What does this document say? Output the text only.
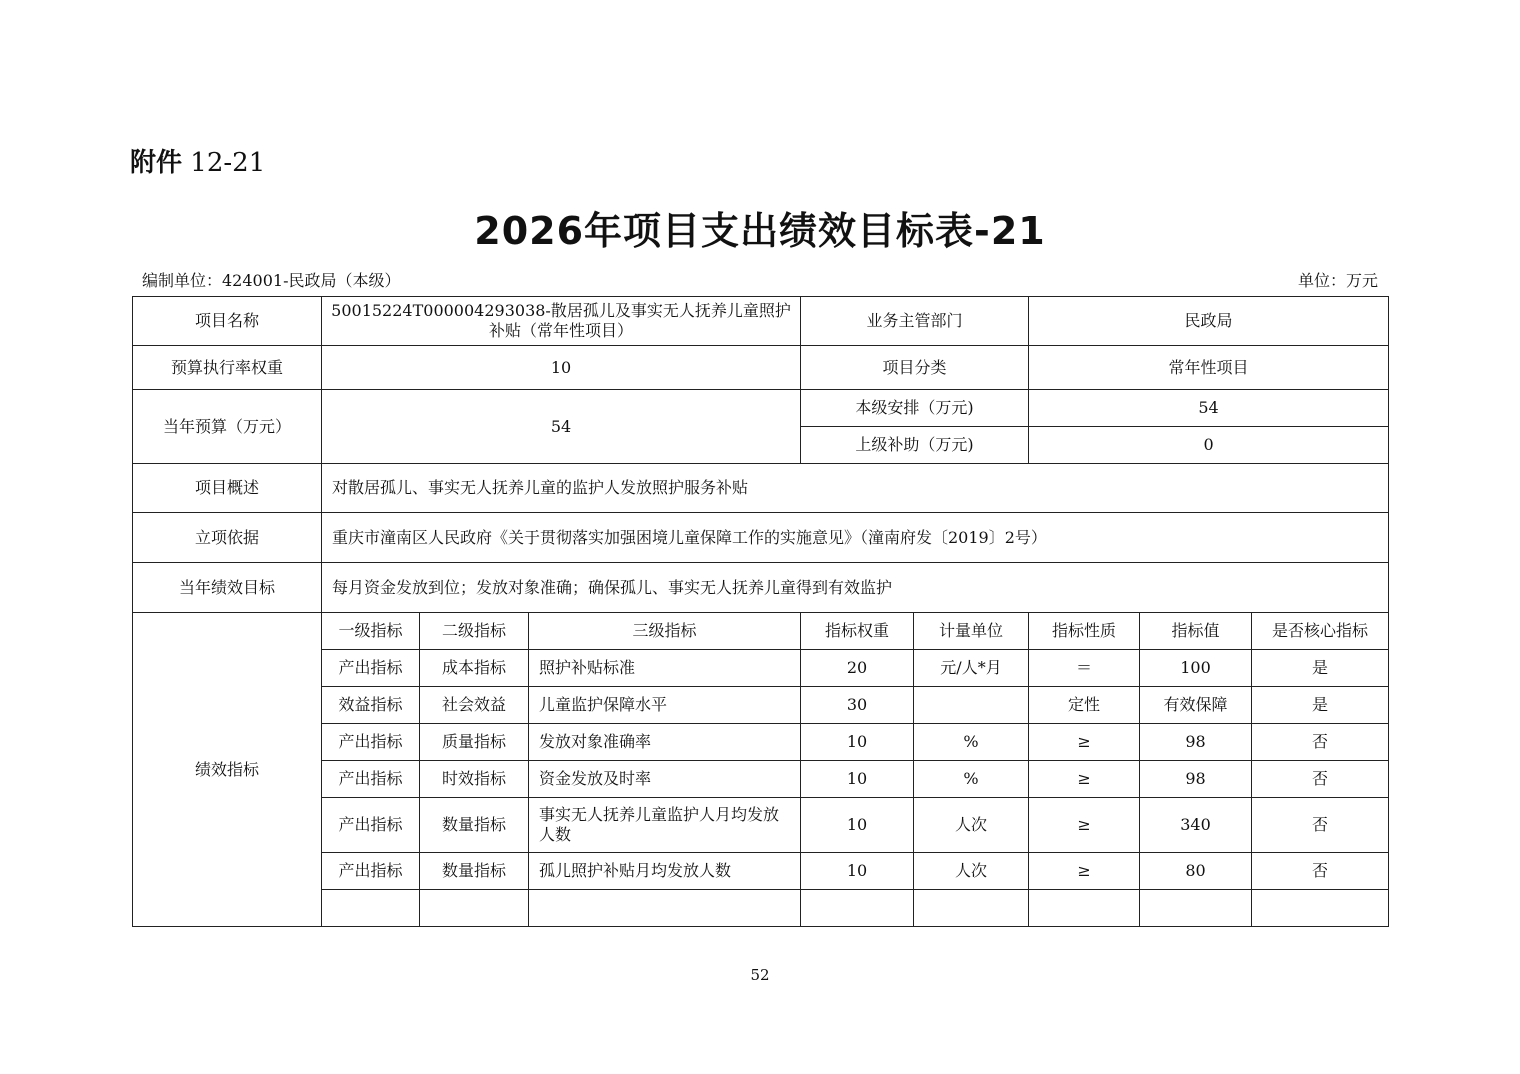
附件 12-21
2026年项目支出绩效目标表-21
编制单位：424001-民政局（本级）	单位：万元
项目名称	50015224T000004293038-散居孤儿及事实无人抚养儿童照护补贴（常年性项目）			业务主管部门		民政局		
预算执行率权重	10			项目分类		常年性项目		
当年预算（万元）	54			本级安排（万元)		54		
				上级补助（万元)		0		
项目概述	对散居孤儿、事实无人抚养儿童的监护人发放照护服务补贴							
立项依据	重庆市潼南区人民政府《关于贯彻落实加强困境儿童保障工作的实施意见》（潼南府发〔2019〕2号）							
当年绩效目标	每月资金发放到位；发放对象准确；确保孤儿、事实无人抚养儿童得到有效监护							
绩效指标	一级指标	二级指标	三级指标	指标权重	计量单位	指标性质	指标值	是否核心指标
	产出指标	成本指标	照护补贴标准	20	元/人*月	＝	100	是
	效益指标	社会效益	儿童监护保障水平	30		定性	有效保障	是
	产出指标	质量指标	发放对象准确率	10	%	≥	98	否
	产出指标	时效指标	资金发放及时率	10	%	≥	98	否
	产出指标	数量指标	事实无人抚养儿童监护人月均发放人数	10	人次	≥	340	否
	产出指标	数量指标	孤儿照护补贴月均发放人数	10	人次	≥	80	否

52
